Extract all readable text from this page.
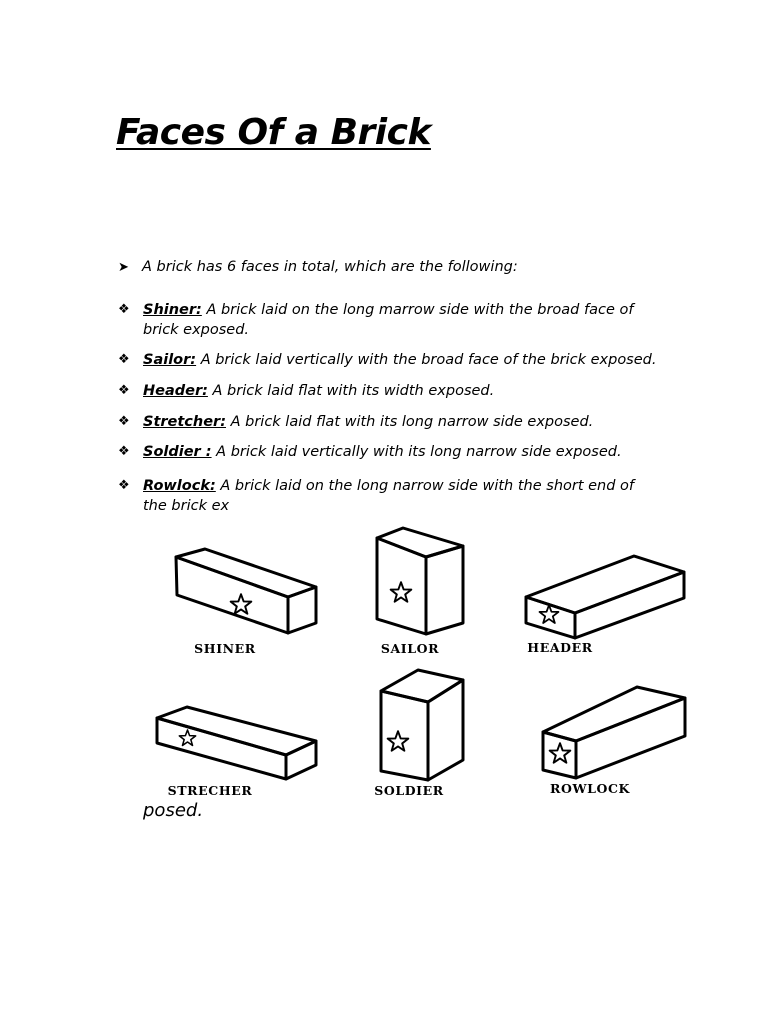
Faces Of a Brick
➤ A brick has 6 faces in total, which are the following:
❖ Shiner: A brick laid on the long marrow side with the broad face of brick exposed.
❖ Sailor: A brick laid vertically with the broad face of the brick exposed.
❖ Header: A brick laid flat with its width exposed.
❖ Stretcher: A brick laid flat with its long narrow side exposed.
❖ Soldier : A brick laid vertically with its long narrow side exposed.
❖ Rowlock: A brick laid on the long narrow side with the short end of the brick ex
SHINER	SAILOR	HEADER
STRECHER	SOLDIER	ROWLOCK
posed.
